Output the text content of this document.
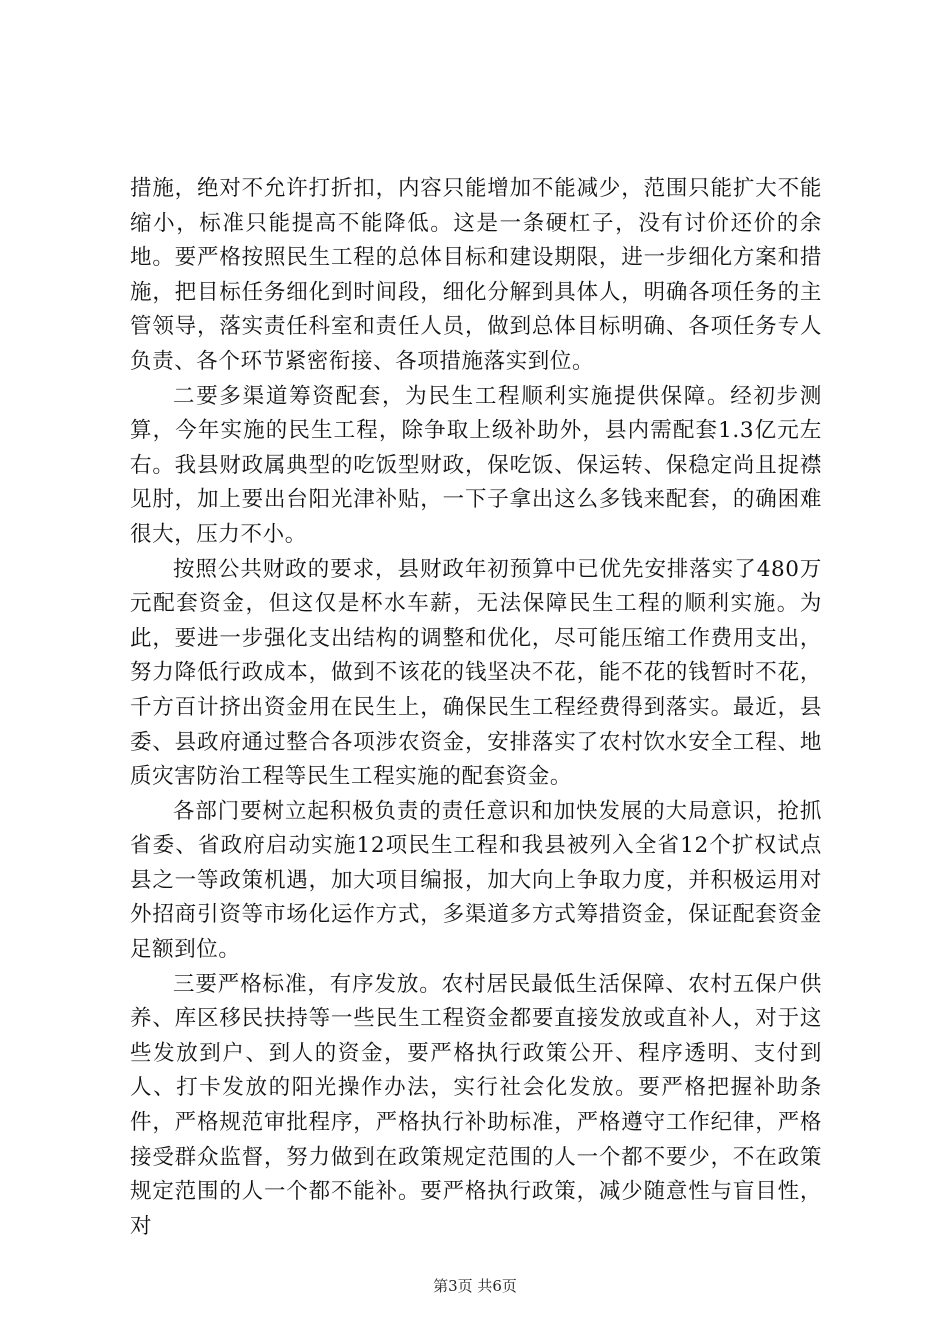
措施，绝对不允许打折扣，内容只能增加不能减少，范围只能扩大不能缩小，标准只能提高不能降低。这是一条硬杠子，没有讨价还价的余地。要严格按照民生工程的总体目标和建设期限，进一步细化方案和措施，把目标任务细化到时间段，细化分解到具体人，明确各项任务的主管领导，落实责任科室和责任人员，做到总体目标明确、各项任务专人负责、各个环节紧密衔接、各项措施落实到位。

二要多渠道筹资配套，为民生工程顺利实施提供保障。经初步测算，今年实施的民生工程，除争取上级补助外，县内需配套1.3亿元左右。我县财政属典型的吃饭型财政，保吃饭、保运转、保稳定尚且捉襟见肘，加上要出台阳光津补贴，一下子拿出这么多钱来配套，的确困难很大，压力不小。

按照公共财政的要求，县财政年初预算中已优先安排落实了480万元配套资金，但这仅是杯水车薪，无法保障民生工程的顺利实施。为此，要进一步强化支出结构的调整和优化，尽可能压缩工作费用支出，努力降低行政成本，做到不该花的钱坚决不花，能不花的钱暂时不花，千方百计挤出资金用在民生上，确保民生工程经费得到落实。最近，县委、县政府通过整合各项涉农资金，安排落实了农村饮水安全工程、地质灾害防治工程等民生工程实施的配套资金。

各部门要树立起积极负责的责任意识和加快发展的大局意识，抢抓省委、省政府启动实施12项民生工程和我县被列入全省12个扩权试点县之一等政策机遇，加大项目编报，加大向上争取力度，并积极运用对外招商引资等市场化运作方式，多渠道多方式筹措资金，保证配套资金足额到位。

三要严格标准，有序发放。农村居民最低生活保障、农村五保户供养、库区移民扶持等一些民生工程资金都要直接发放或直补人，对于这些发放到户、到人的资金，要严格执行政策公开、程序透明、支付到人、打卡发放的阳光操作办法，实行社会化发放。要严格把握补助条件，严格规范审批程序，严格执行补助标准，严格遵守工作纪律，严格接受群众监督，努力做到在政策规定范围的人一个都不要少，不在政策规定范围的人一个都不能补。要严格执行政策，减少随意性与盲目性，对

第3页 共6页
